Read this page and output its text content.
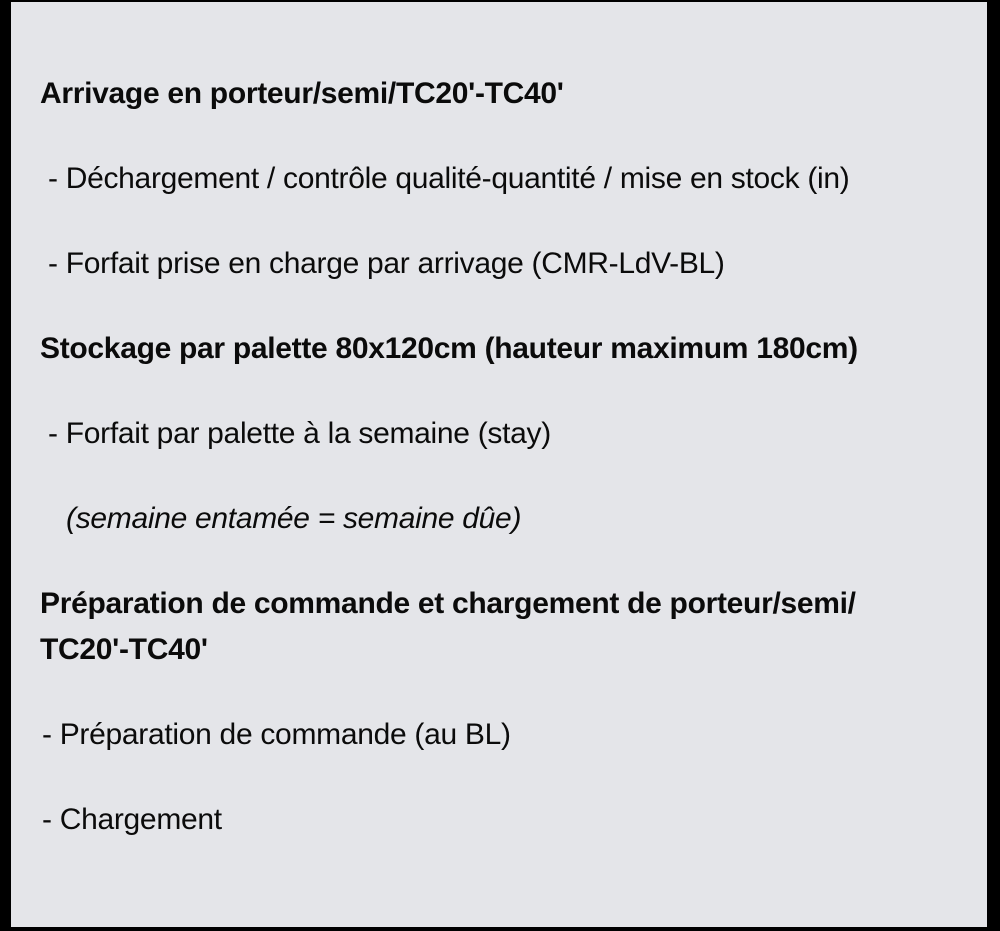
Arrivage en porteur/semi/TC20'-TC40'

- Déchargement / contrôle qualité-quantité / mise en stock (in)

- Forfait prise en charge par arrivage (CMR-LdV-BL)

Stockage par palette 80x120cm (hauteur maximum 180cm)

- Forfait par palette à la semaine (stay)

(semaine entamée = semaine dûe)

Préparation de commande et chargement de porteur/semi/
TC20'-TC40'

- Préparation de commande (au BL)

- Chargement
